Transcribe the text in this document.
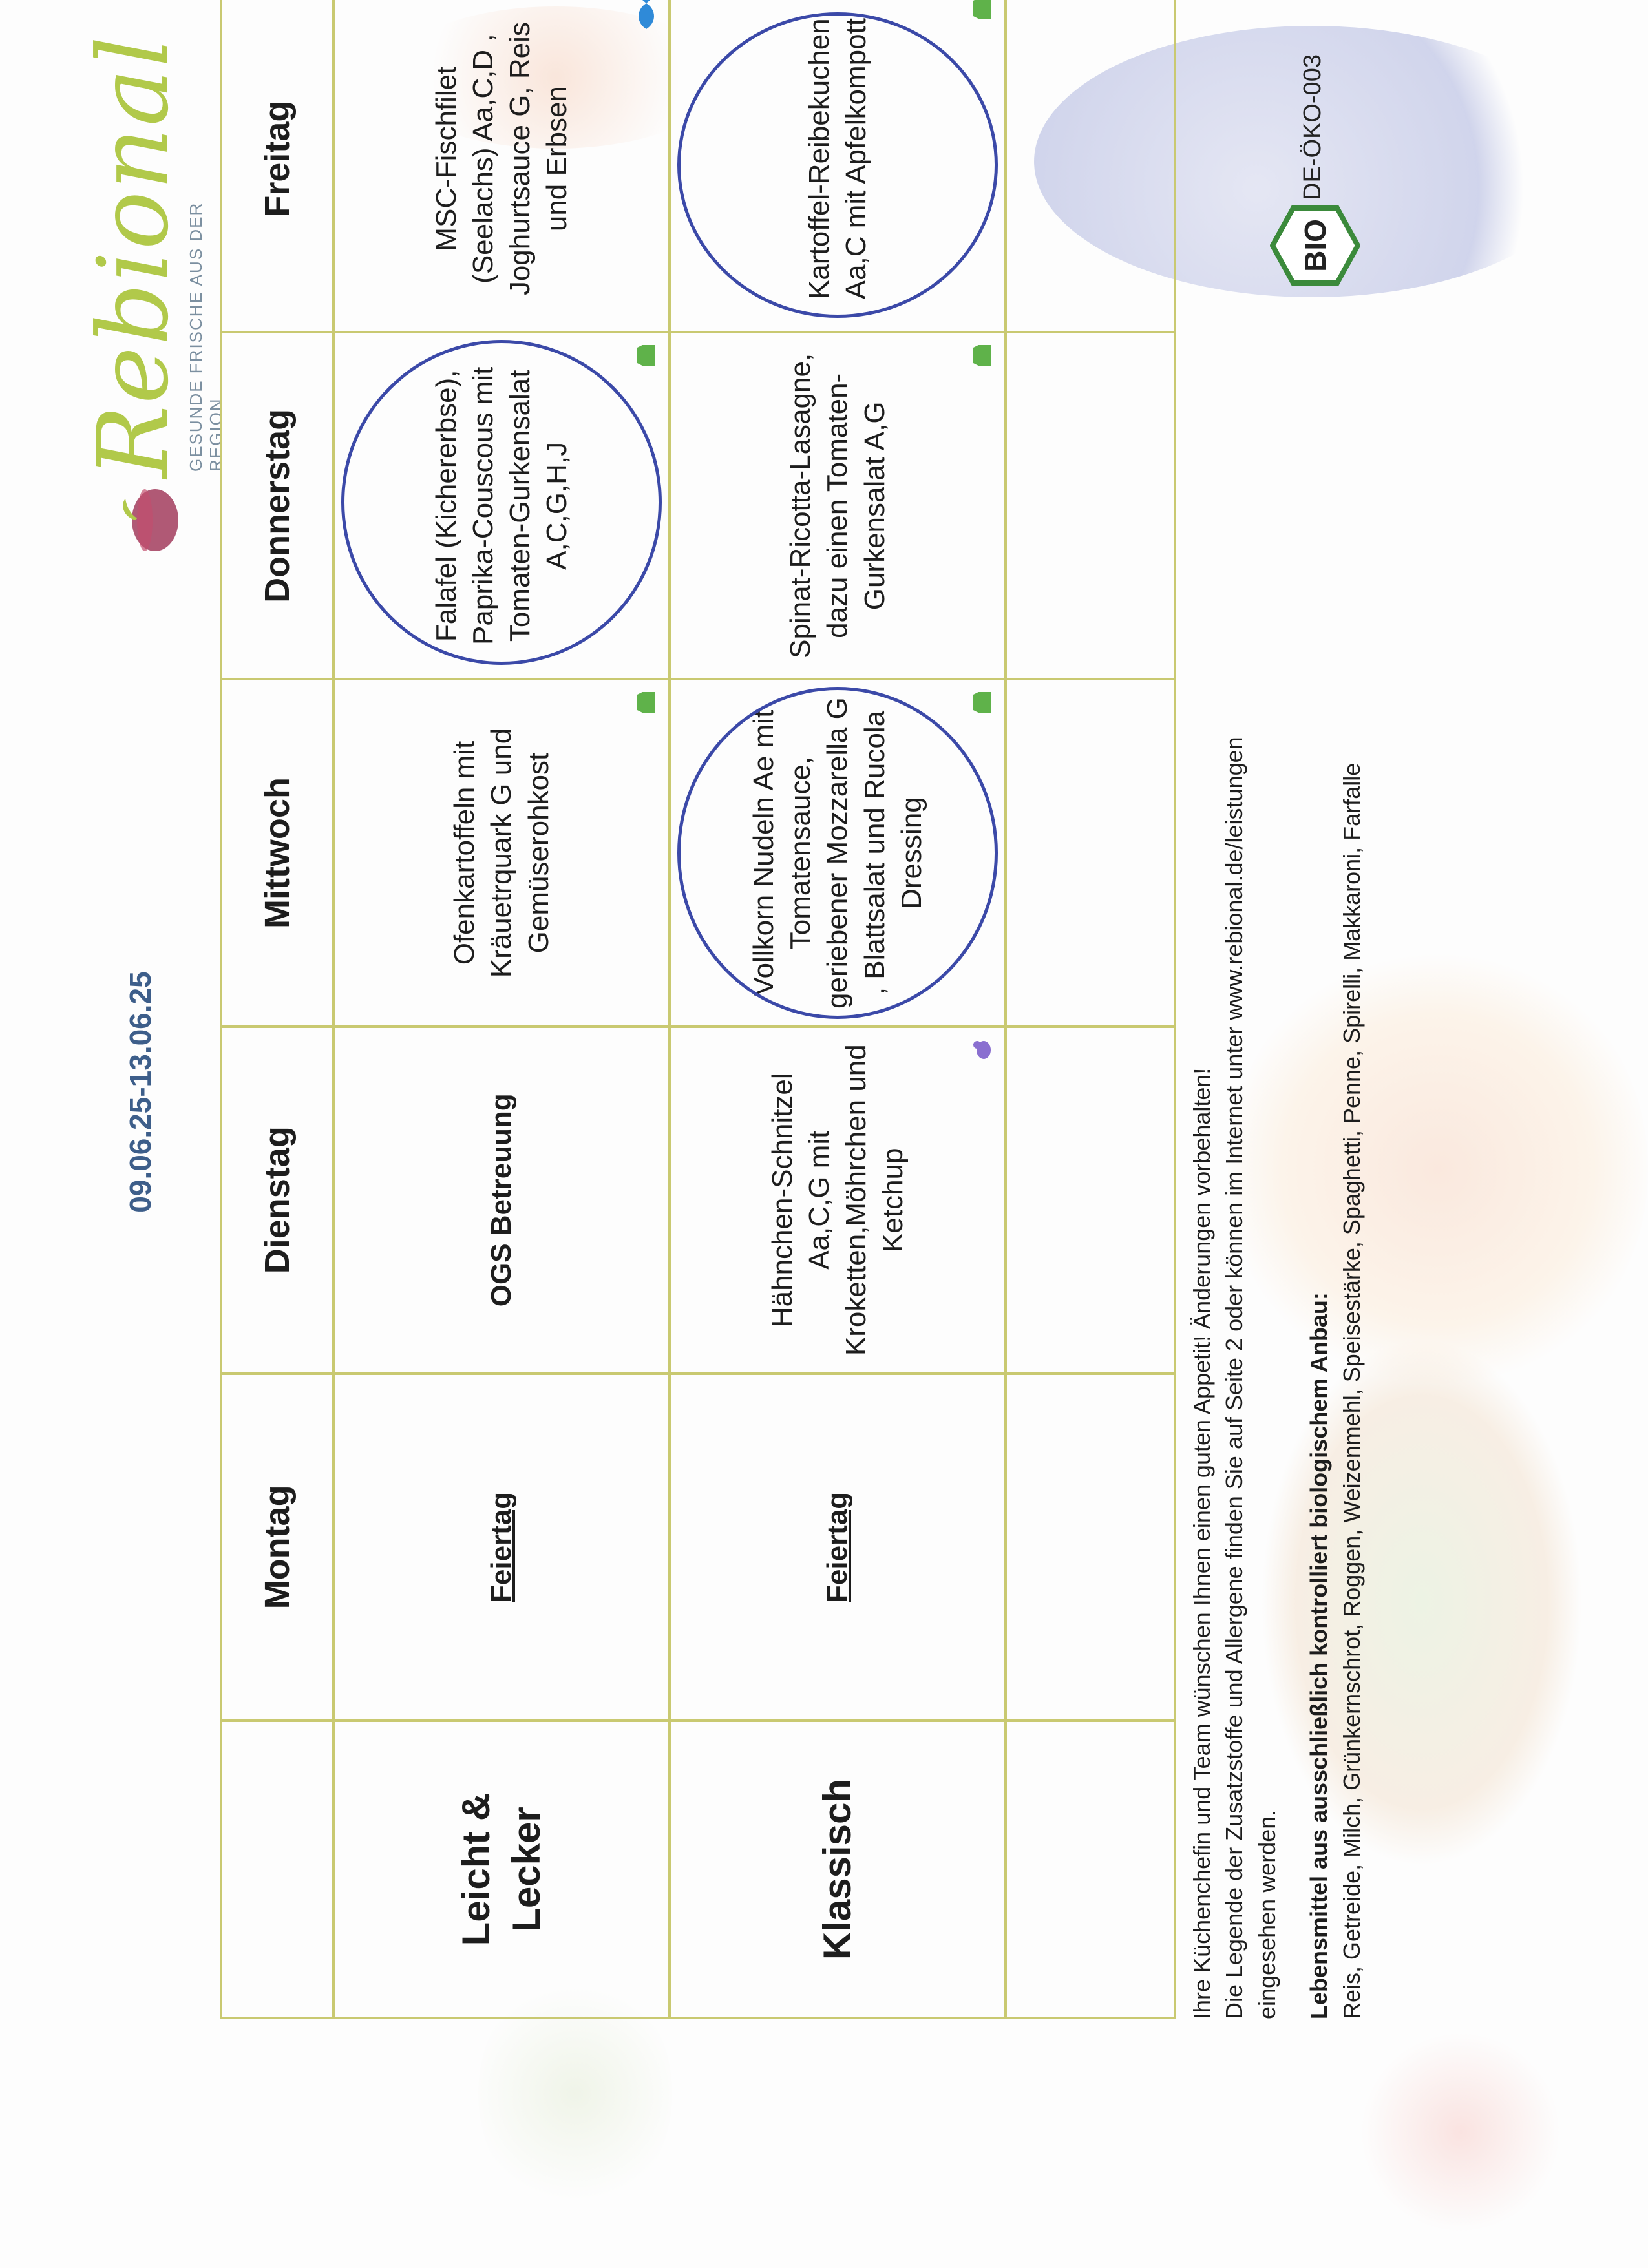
Rebional
GESUNDE FRISCHE AUS DER REGION
09.06.25-13.06.25
	Montag	Dienstag	Mittwoch	Donnerstag	Freitag

Leicht & Lecker	Feiertag	OGS Betreuung	Ofenkartoffeln mit Kräuetrquark G und Gemüserohkost	Falafel (Kichererbse), Paprika-Couscous mit Tomaten-Gurkensalat A,C,G,H,J	MSC-Fischfilet (Seelachs) Aa,C,D , Joghurtsauce G, Reis und Erbsen

Klassisch	Feiertag	Hähnchen-Schnitzel Aa,C,G mit Kroketten,Möhrchen und Ketchup	Vollkorn Nudeln Ae mit Tomatensauce, geriebener Mozzarella G , Blattsalat und Rucola Dressing	Spinat-Ricotta-Lasagne, dazu einen Tomaten-Gurkensalat A,G	Kartoffel-Reibekuchen Aa,C mit Apfelkompott

Ihre Küchenchefin und Team wünschen Ihnen einen guten Appetit! Änderungen vorbehalten! Die Legende der Zusatzstoffe und Allergene finden Sie auf Seite 2 oder können im Internet unter www.rebional.de/leistungen eingesehen werden. Lebensmittel aus ausschließlich kontrolliert biologischem Anbau: Reis, Getreide, Milch, Grünkernschrot, Roggen, Weizenmehl, Speisestärke, Spaghetti, Penne, Spirelli, Makkaroni, Farfalle

BIO
DE-ÖKO-003
